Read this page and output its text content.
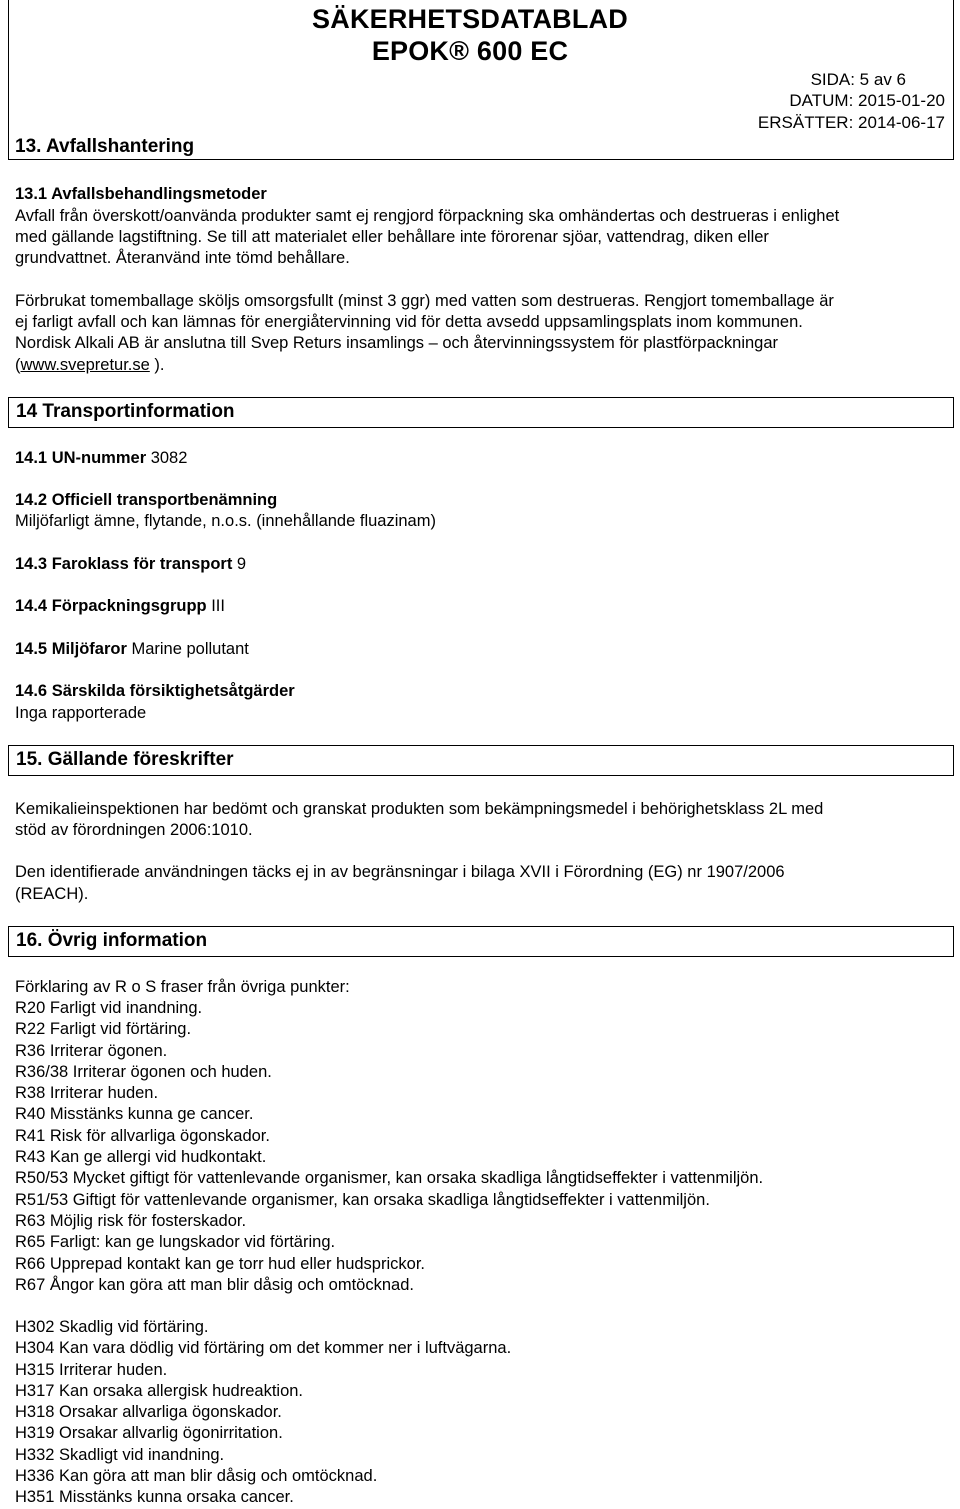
SÄKERHETSDATABLAD
EPOK® 600 EC
SIDA: 5 av 6
DATUM: 2015-01-20
ERSÄTTER: 2014-06-17
13. Avfallshantering
13.1 Avfallsbehandlingsmetoder
Avfall från överskott/oanvända produkter samt ej rengjord förpackning ska omhändertas och destrueras i enlighet
med gällande lagstiftning. Se till att materialet eller behållare inte förorenar sjöar, vattendrag, diken eller
grundvattnet. Återanvänd inte tömd behållare.
Förbrukat tomemballage sköljs omsorgsfullt (minst 3 ggr) med vatten som destrueras. Rengjort tomemballage är
ej farligt avfall och kan lämnas för energiåtervinning vid för detta avsedd uppsamlingsplats inom kommunen.
Nordisk Alkali AB är anslutna till Svep Returs insamlings – och återvinningssystem för plastförpackningar
(www.svepretur.se ).
14 Transportinformation
14.1 UN-nummer 3082
14.2 Officiell transportbenämning
Miljöfarligt ämne, flytande, n.o.s. (innehållande fluazinam)
14.3 Faroklass för transport 9
14.4 Förpackningsgrupp III
14.5 Miljöfaror Marine pollutant
14.6 Särskilda försiktighetsåtgärder
Inga rapporterade
15. Gällande föreskrifter
Kemikalieinspektionen har bedömt och granskat produkten som bekämpningsmedel i behörighetsklass 2L med
stöd av förordningen 2006:1010.
Den identifierade användningen täcks ej in av begränsningar i bilaga XVII i Förordning (EG) nr 1907/2006
(REACH).
16. Övrig information
Förklaring av R o S fraser från övriga punkter:
R20 Farligt vid inandning.
R22 Farligt vid förtäring.
R36 Irriterar ögonen.
R36/38 Irriterar ögonen och huden.
R38 Irriterar huden.
R40 Misstänks kunna ge cancer.
R41 Risk för allvarliga ögonskador.
R43 Kan ge allergi vid hudkontakt.
R50/53 Mycket giftigt för vattenlevande organismer, kan orsaka skadliga långtidseffekter i vattenmiljön.
R51/53 Giftigt för vattenlevande organismer, kan orsaka skadliga långtidseffekter i vattenmiljön.
R63 Möjlig risk för fosterskador.
R65 Farligt: kan ge lungskador vid förtäring.
R66 Upprepad kontakt kan ge torr hud eller hudsprickor.
R67 Ångor kan göra att man blir dåsig och omtöcknad.
H302 Skadlig vid förtäring.
H304 Kan vara dödlig vid förtäring om det kommer ner i luftvägarna.
H315 Irriterar huden.
H317 Kan orsaka allergisk hudreaktion.
H318 Orsakar allvarliga ögonskador.
H319 Orsakar allvarlig ögonirritation.
H332 Skadligt vid inandning.
H336 Kan göra att man blir dåsig och omtöcknad.
H351 Misstänks kunna orsaka cancer.
